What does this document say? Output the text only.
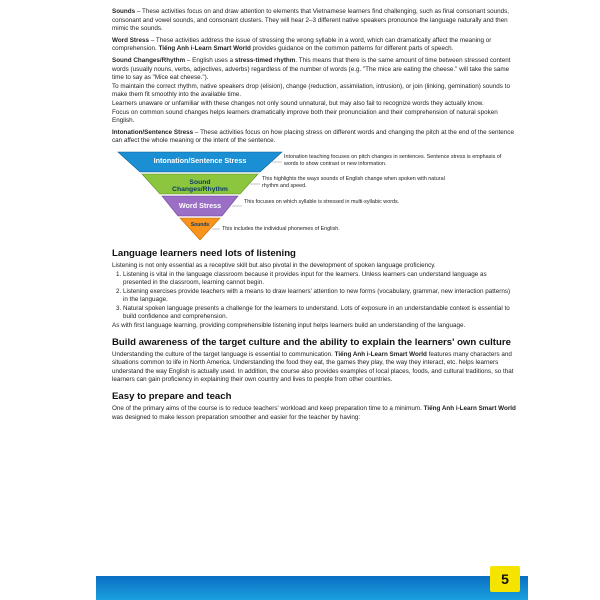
Sounds – These activities focus on and draw attention to elements that Vietnamese learners find challenging, such as final consonant sounds, consonant and vowel sounds, and consonant clusters. They will hear 2–3 different native speakers pronounce the language naturally and then mimic the sounds.

Word Stress – These activities address the issue of stressing the wrong syllable in a word, which can dramatically affect the meaning or comprehension. Tiếng Anh i-Learn Smart World provides guidance on the common patterns for different parts of speech.

Sound Changes/Rhythm – English uses a stress-timed rhythm. This means that there is the same amount of time between stressed content words (usually nouns, verbs, adjectives, adverbs) regardless of the number of words (e.g. "The mice are eating the cheese." will take the same time to say as "Mice eat cheese.").

To maintain the correct rhythm, native speakers drop (elision), change (reduction, assimilation, intrusion), or join (linking, gemination) sounds to make them fit smoothly into the available time.

Learners unaware or unfamiliar with these changes not only sound unnatural, but may also fail to recognize words they actually know.

Focus on common sound changes helps learners dramatically improve both their pronunciation and their comprehension of natural spoken English.

Intonation/Sentence Stress – These activities focus on how placing stress on different words and changing the pitch at the end of the sentence can affect the whole meaning or the intent of the sentence.

Intonation/Sentence Stress
Sound Changes/Rhythm
Word Stress
Sounds
Intonation teaching focuses on pitch changes in sentences. Sentence stress is emphasis of words to show contrast or new information.
This highlights the ways sounds of English change when spoken with natural rhythm and speed.
This focuses on which syllable is stressed in multi-syllabic words.
This includes the individual phonemes of English.
Language learners need lots of listening

Listening is not only essential as a receptive skill but also pivotal in the development of spoken language proficiency.

1. Listening is vital in the language classroom because it provides input for the learners. Unless learners can understand language as presented in the classroom, learning cannot begin.
2. Listening exercises provide teachers with a means to draw learners' attention to new forms (vocabulary, grammar, new interaction patterns) in the language.
3. Natural spoken language presents a challenge for the learners to understand. Lots of exposure in an understandable context is essential to build confidence and comprehension.

As with first language learning, providing comprehensible listening input helps learners build an understanding of the language.

Build awareness of the target culture and the ability to explain the learners' own culture

Understanding the culture of the target language is essential to communication. Tiếng Anh i-Learn Smart World features many characters and situations common to life in North America. Understanding the food they eat, the games they play, the way they interact, etc. helps learners understand the way English is actually used. In addition, the course also provides examples of local places, foods, and cultural traditions, so that learners can gain proficiency in explaining their own country and lives to people from other countries.

Easy to prepare and teach

One of the primary aims of the course is to reduce teachers' workload and keep preparation time to a minimum. Tiếng Anh i-Learn Smart World was designed to make lesson preparation smoother and easier for the teacher by having:

5
